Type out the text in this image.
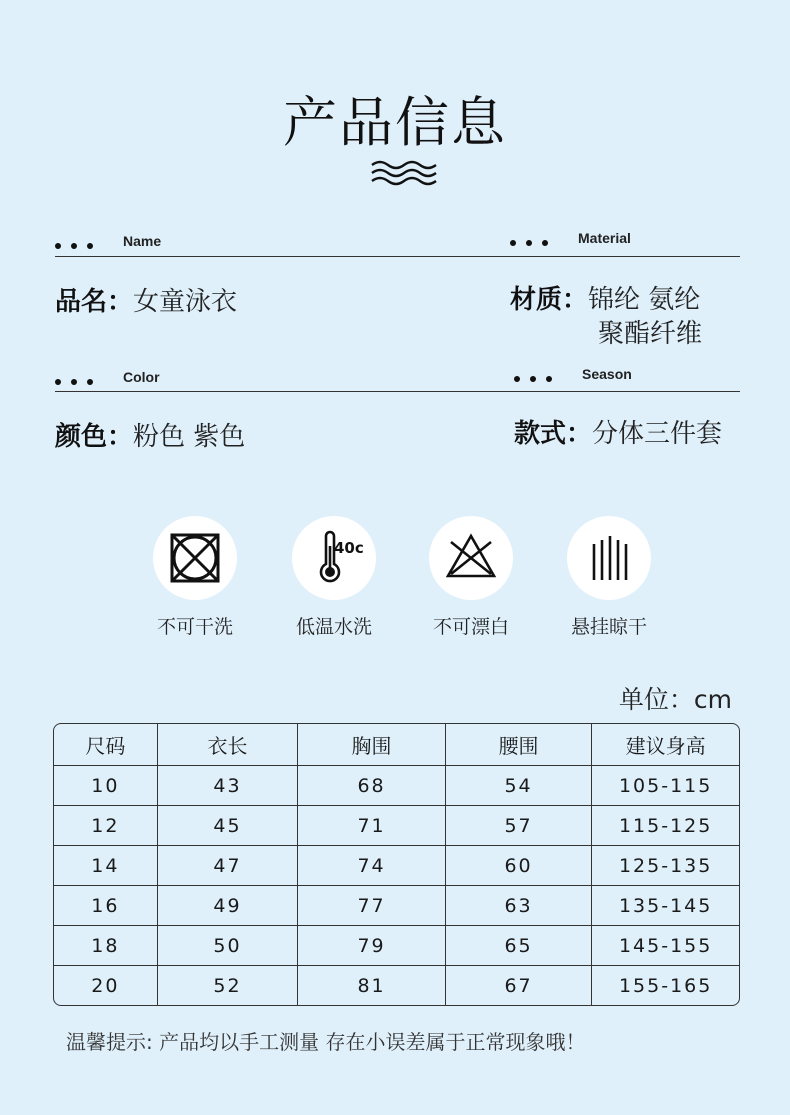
产品信息
Name	Material
品名：女童泳衣	材质：锦纶 氨纶
聚酯纤维
Color	Season
颜色：粉色 紫色	款式：分体三件套
不可干洗
40c
低温水洗	不可漂白	悬挂晾干
单位：cm
尺码	衣长	胸围	腰围	建议身高
10	43	68	54	105-115
12	45	71	57	115-125
14	47	74	60	125-135
16	49	77	63	135-145
18	50	79	65	145-155
20	52	81	67	155-165
温馨提示: 产品均以手工测量 存在小误差属于正常现象哦！
